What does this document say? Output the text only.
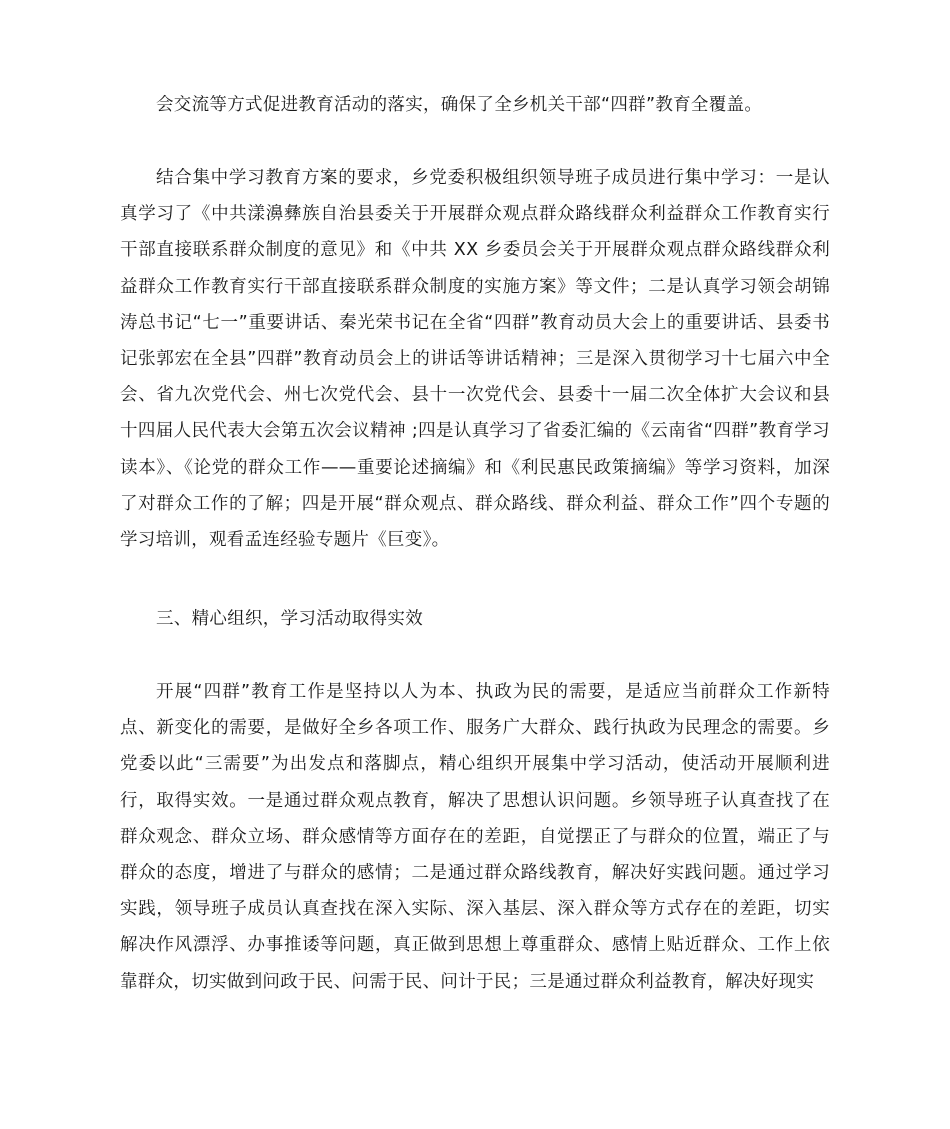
会交流等方式促进教育活动的落实，确保了全乡机关干部“四群”教育全覆盖。

结合集中学习教育方案的要求，乡党委积极组织领导班子成员进行集中学习：一是认真学习了《中共漾濞彝族自治县委关于开展群众观点群众路线群众利益群众工作教育实行干部直接联系群众制度的意见》和《中共 XX 乡委员会关于开展群众观点群众路线群众利益群众工作教育实行干部直接联系群众制度的实施方案》等文件；二是认真学习领会胡锦涛总书记“七一”重要讲话、秦光荣书记在全省“四群”教育动员大会上的重要讲话、县委书记张郭宏在全县”四群”教育动员会上的讲话等讲话精神；三是深入贯彻学习十七届六中全会、省九次党代会、州七次党代会、县十一次党代会、县委十一届二次全体扩大会议和县十四届人民代表大会第五次会议精神 ;四是认真学习了省委汇编的《云南省“四群”教育学习读本》、《论党的群众工作——重要论述摘编》和《利民惠民政策摘编》等学习资料，加深了对群众工作的了解；四是开展“群众观点、群众路线、群众利益、群众工作”四个专题的学习培训，观看孟连经验专题片《巨变》。

三、精心组织，学习活动取得实效

开展“四群”教育工作是坚持以人为本、执政为民的需要，是适应当前群众工作新特点、新变化的需要，是做好全乡各项工作、服务广大群众、践行执政为民理念的需要。乡党委以此“三需要”为出发点和落脚点，精心组织开展集中学习活动，使活动开展顺利进行，取得实效。一是通过群众观点教育，解决了思想认识问题。乡领导班子认真查找了在群众观念、群众立场、群众感情等方面存在的差距，自觉摆正了与群众的位置，端正了与群众的态度，增进了与群众的感情；二是通过群众路线教育，解决好实践问题。通过学习实践，领导班子成员认真查找在深入实际、深入基层、深入群众等方式存在的差距，切实解决作风漂浮、办事推诿等问题，真正做到思想上尊重群众、感情上贴近群众、工作上依靠群众，切实做到问政于民、问需于民、问计于民；三是通过群众利益教育，解决好现实
